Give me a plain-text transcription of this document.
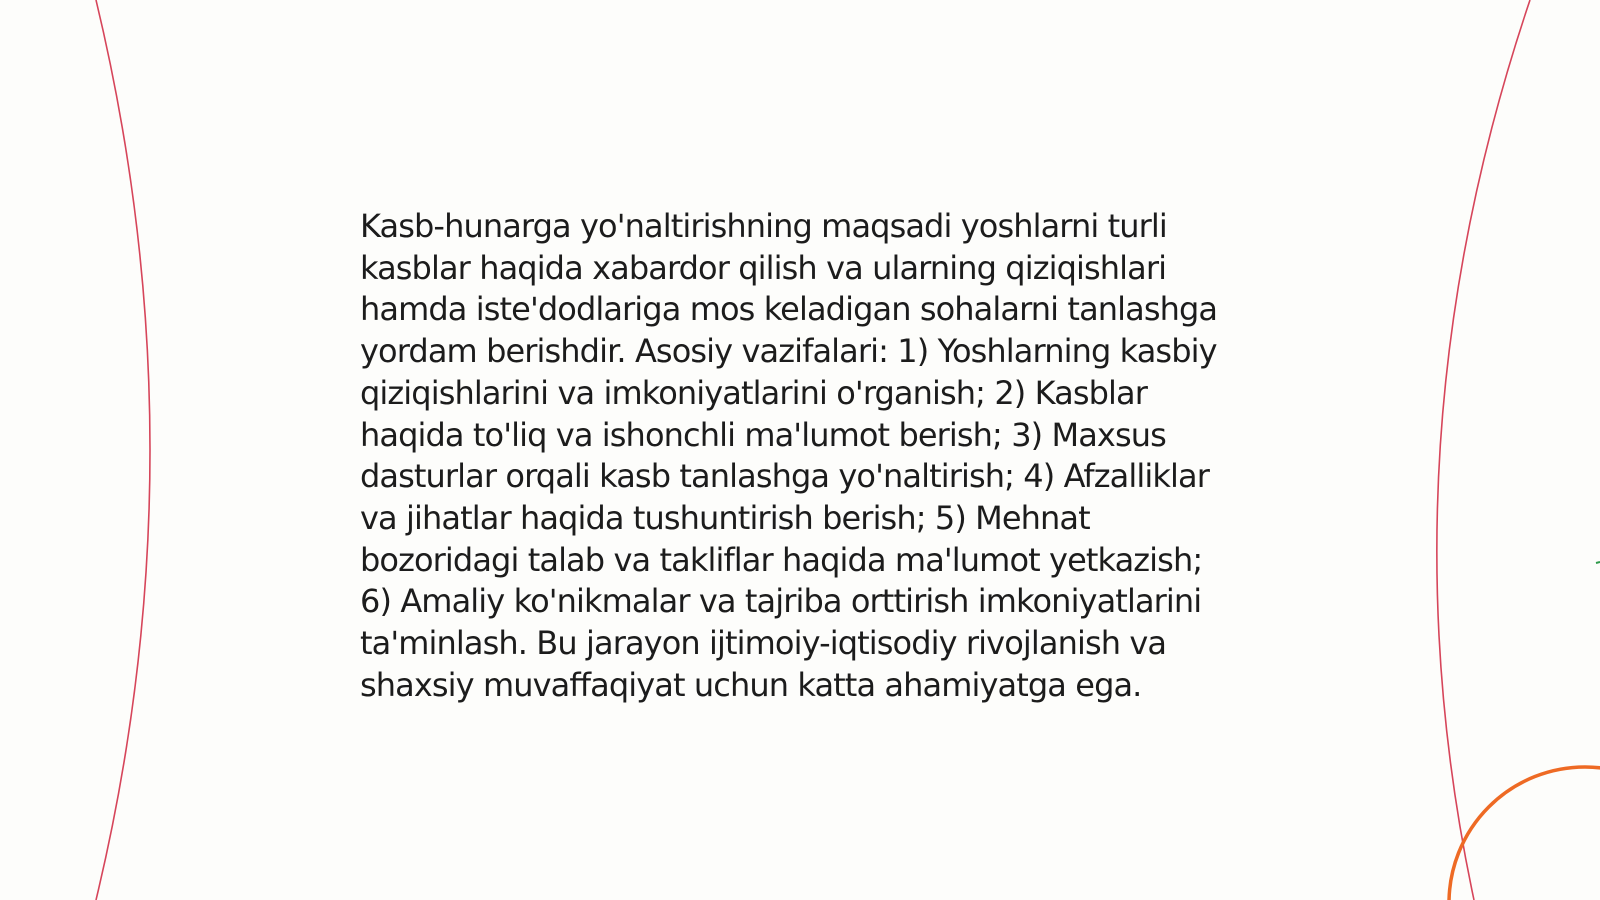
Kasb-hunarga yo'naltirishning maqsadi yoshlarni turli kasblar haqida xabardor qilish va ularning qiziqishlari hamda iste'dodlariga mos keladigan sohalarni tanlashga yordam berishdir. Asosiy vazifalari: 1) Yoshlarning kasbiy qiziqishlarini va imkoniyatlarini o'rganish; 2) Kasblar haqida to'liq va ishonchli ma'lumot berish; 3) Maxsus dasturlar orqali kasb tanlashga yo'naltirish; 4) Afzalliklar va jihatlar haqida tushuntirish berish; 5) Mehnat bozoridagi talab va takliflar haqida ma'lumot yetkazish; 6) Amaliy ko'nikmalar va tajriba orttirish imkoniyatlarini ta'minlash. Bu jarayon ijtimoiy-iqtisodiy rivojlanish va shaxsiy muvaffaqiyat uchun katta ahamiyatga ega.
